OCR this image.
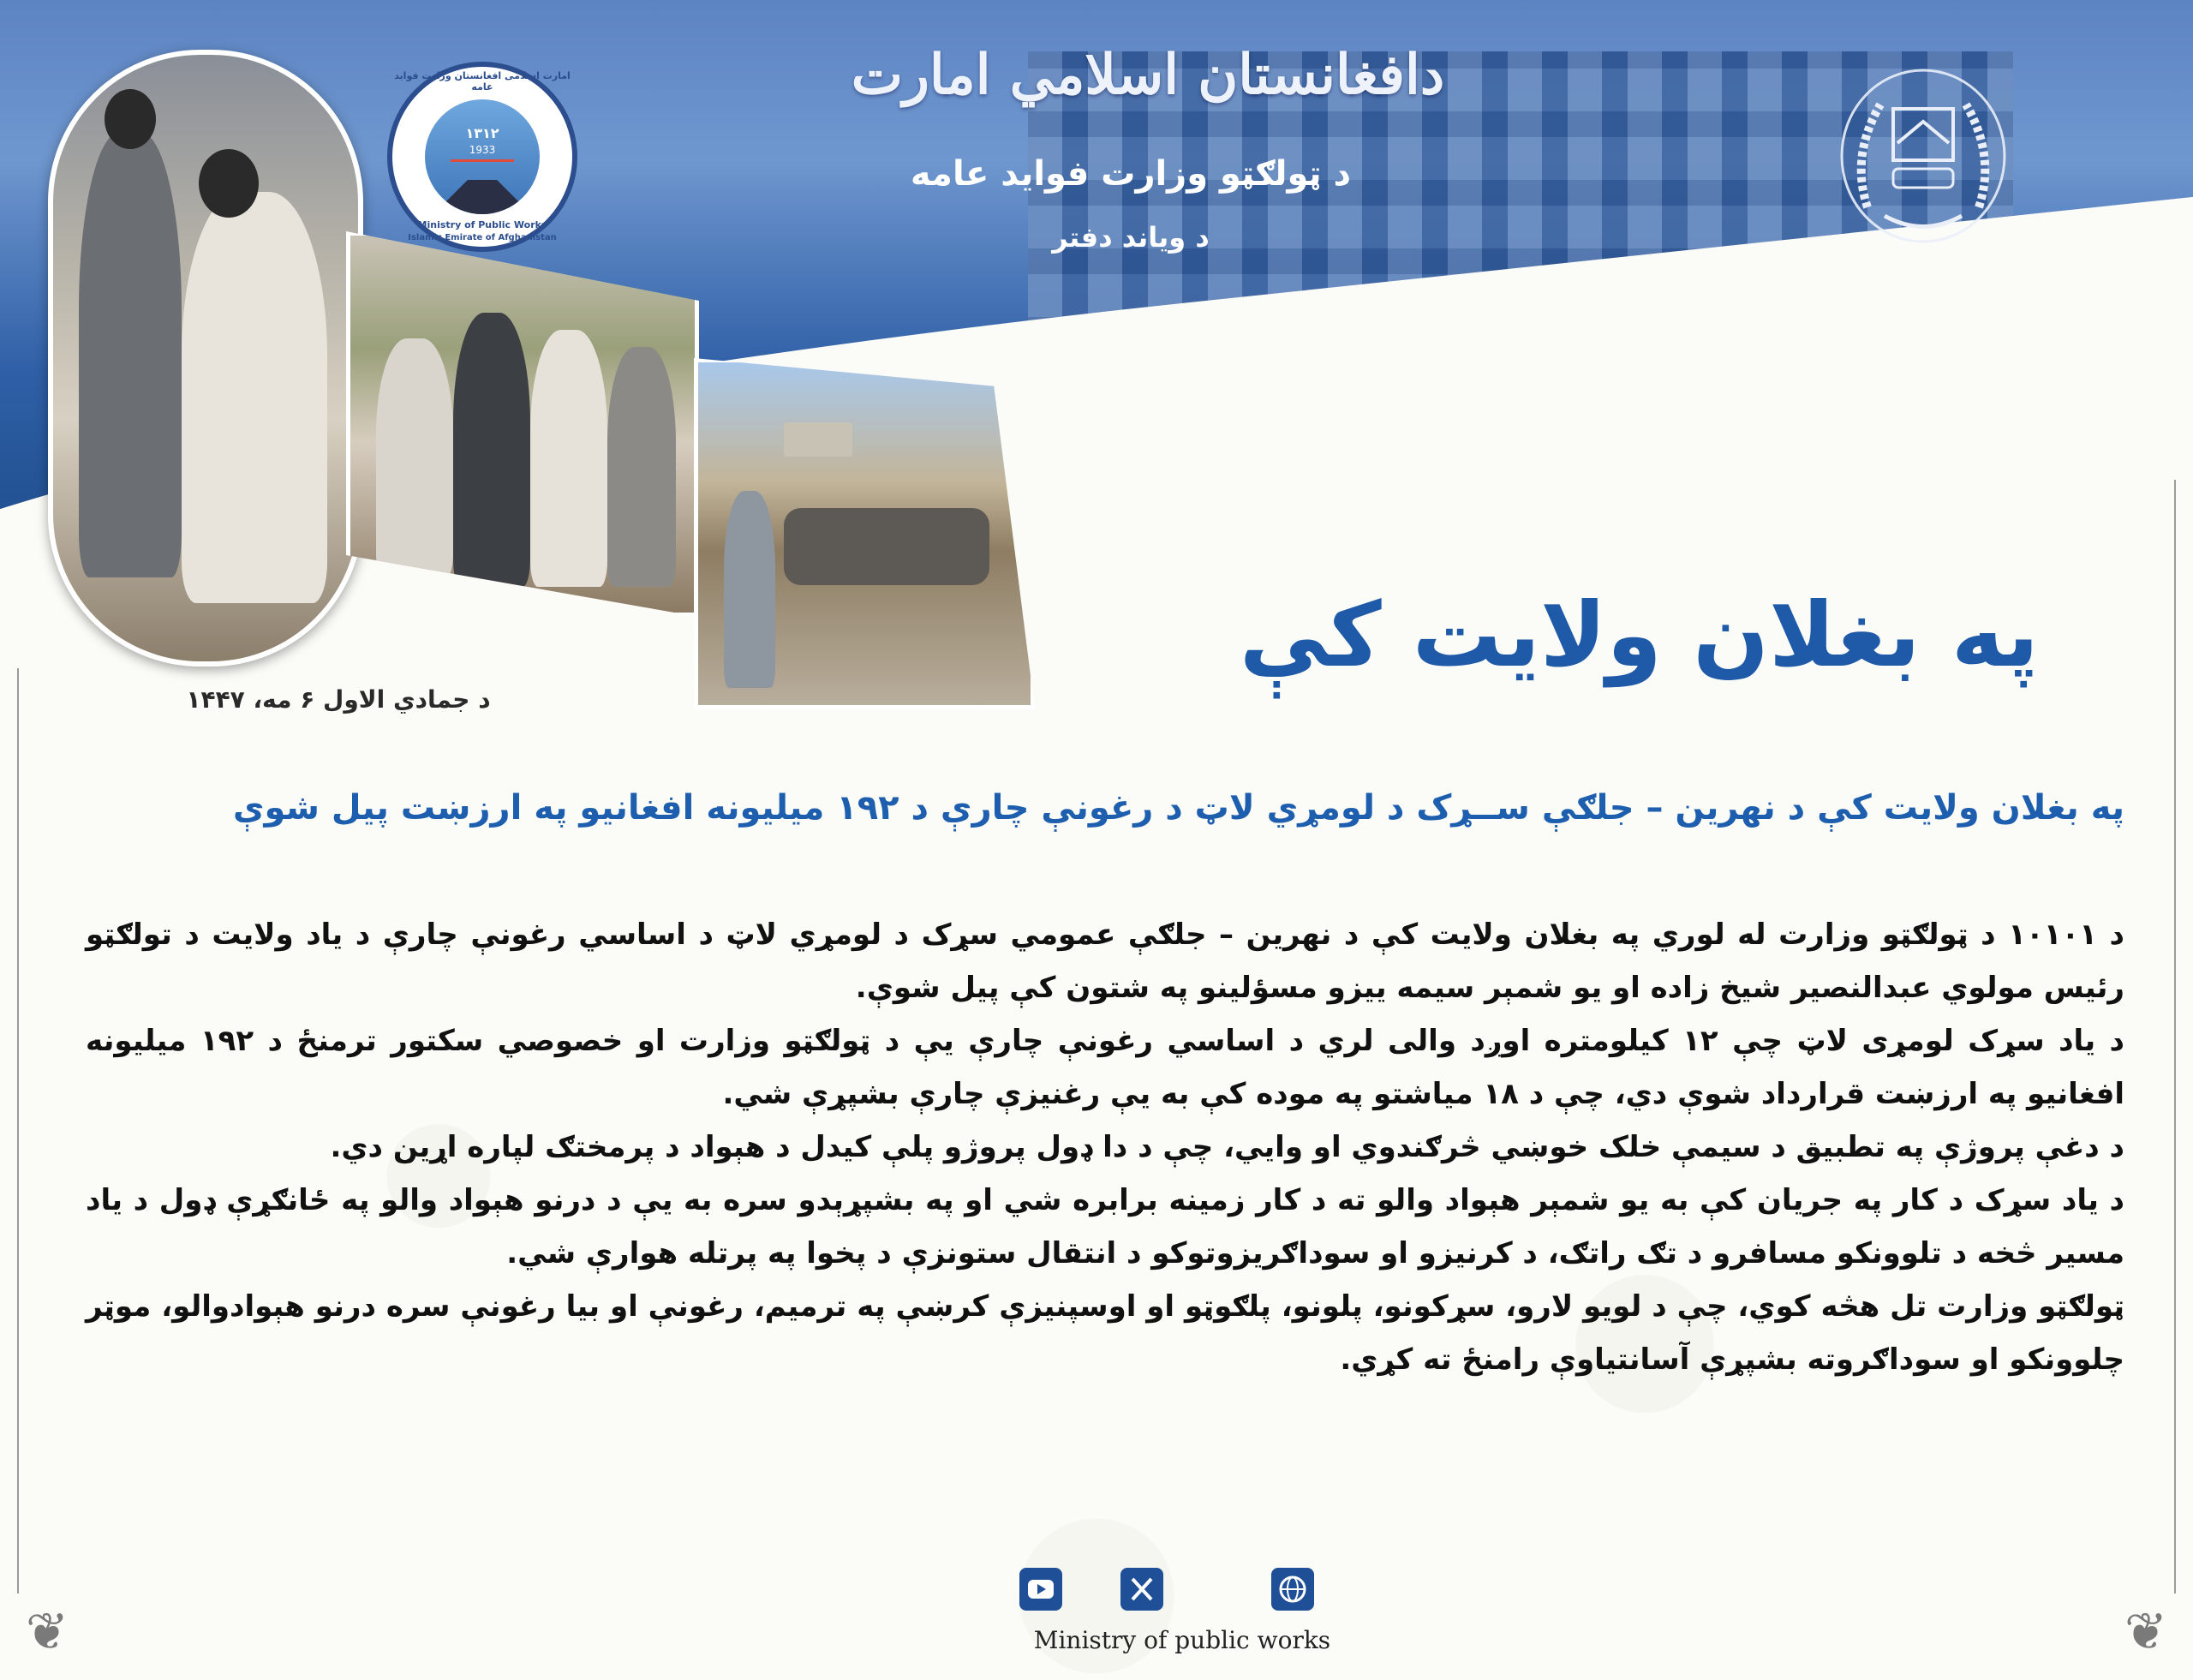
دافغانستان اسلامي امارت
د ټولګټو وزارت فواید عامه
د ویاند دفتر
امارت اسلامی افغانستان وزارت فواید عامه
۱۳۱۲
1933
Ministry of Public Works
Islamic Emirate of Afghanistan
په بغلان ولایت کې
د جمادي الاول ۶ مه، ۱۴۴۷
په بغلان ولایت کې د نهرین – جلګې ســړک د لومړي لاټ د رغونې چارې د ۱۹۲ میلیونه افغانیو په ارزښت پیل شوې

د ۱۰۱۰۱ د ټولګټو وزارت له لوري په بغلان ولایت کې د نهرین – جلګې عمومي سړک د لومړي لاټ د اساسي رغونې چارې د یاد ولایت د تولګټو رئیس مولوي عبدالنصیر شیخ زاده او یو شمېر سیمه ییزو مسؤلینو په شتون کې پیل شوې.

د یاد سړک لومړی لاټ چې ۱۲ کیلومتره اوږد والی لري د اساسي رغونې چارې یې د ټولګټو وزارت او خصوصي سکتور ترمنځ د ۱۹۲ میلیونه افغانیو په ارزښت قرارداد شوې دي، چې د ۱۸ میاشتو په موده کې به یې رغنیزې چارې بشپړې شي.

د دغې پروژې په تطبیق د سیمې خلک خوښي څرګندوي او وایي، چې د دا ډول پروژو پلې کیدل د هېواد د پرمختګ لپاره اړین دي.

د یاد سړک د کار په جریان کې به یو شمېر هېواد والو ته د کار زمینه برابره شي او په بشپړېدو سره به یې د درنو هېواد والو په ځانګړې ډول د یاد مسیر څخه د تلوونکو مسافرو د تګ راتګ، د کرنیزو او سوداګریزوتوکو د انتقال ستونزې د پخوا په پرتله هوارې شي.

ټولګټو وزارت تل هڅه کوي، چې د لویو لارو، سړکونو، پلونو، پلګوټو او اوسپنیزې کرښې په ترمیم، رغونې او بیا رغونې سره درنو هېوادوالو، موټر چلوونکو او سوداګروته بشپړې آسانتیاوې رامنځ ته کړي.

Ministry of public works
❦	❦
